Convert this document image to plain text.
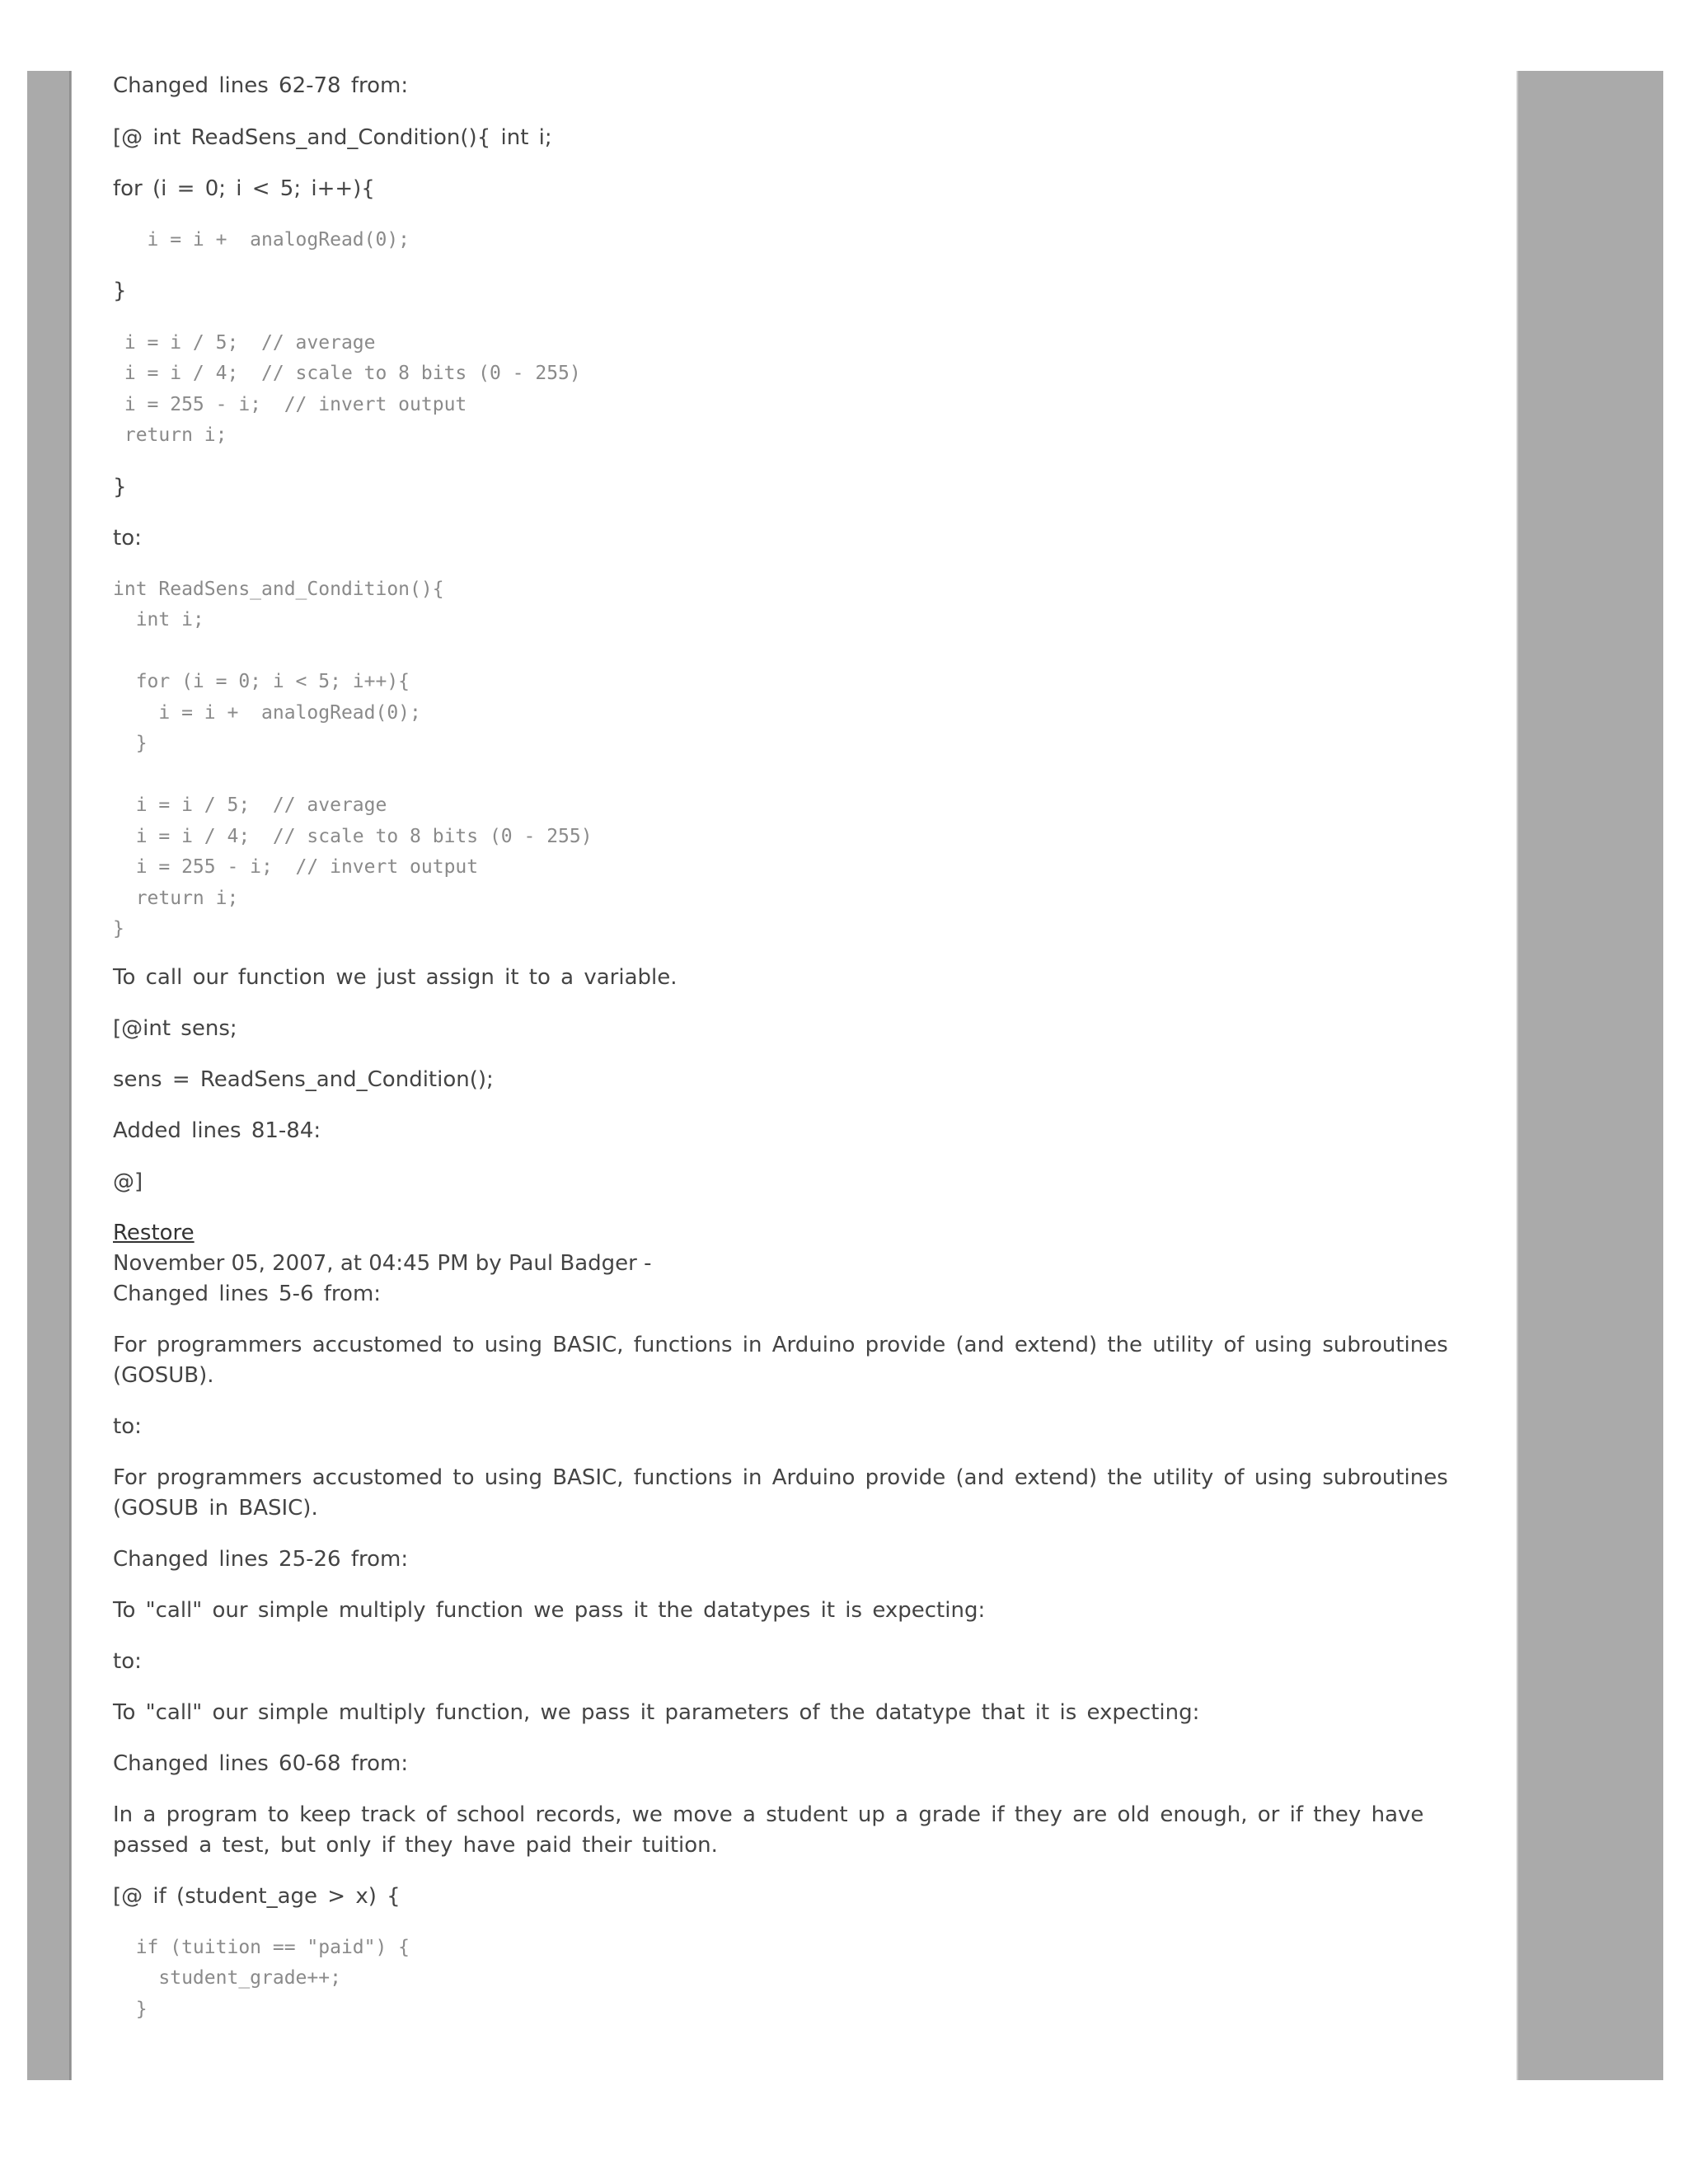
Changed lines 62-78 from:

[@ int ReadSens_and_Condition(){ int i;

for (i = 0; i < 5; i++){

i = i +  analogRead(0);

}

i = i / 5;  // average
i = i / 4;  // scale to 8 bits (0 - 255)
i = 255 - i;  // invert output
return i;

}

to:

int ReadSens_and_Condition(){
int i;

for (i = 0; i < 5; i++){
i = i +  analogRead(0);
}

i = i / 5;  // average
i = i / 4;  // scale to 8 bits (0 - 255)
i = 255 - i;  // invert output
return i;
}

To call our function we just assign it to a variable.

[@int sens;

sens = ReadSens_and_Condition();

Added lines 81-84:

@]

Restore

November 05, 2007, at 04:45 PM by Paul Badger -

Changed lines 5-6 from:

For programmers accustomed to using BASIC, functions in Arduino provide (and extend) the utility of using subroutines (GOSUB).

to:

For programmers accustomed to using BASIC, functions in Arduino provide (and extend) the utility of using subroutines (GOSUB in BASIC).

Changed lines 25-26 from:

To "call" our simple multiply function we pass it the datatypes it is expecting:

to:

To "call" our simple multiply function, we pass it parameters of the datatype that it is expecting:

Changed lines 60-68 from:

In a program to keep track of school records, we move a student up a grade if they are old enough, or if they have passed a test, but only if they have paid their tuition.

[@ if (student_age > x) {

if (tuition == "paid") {
student_grade++;
}
